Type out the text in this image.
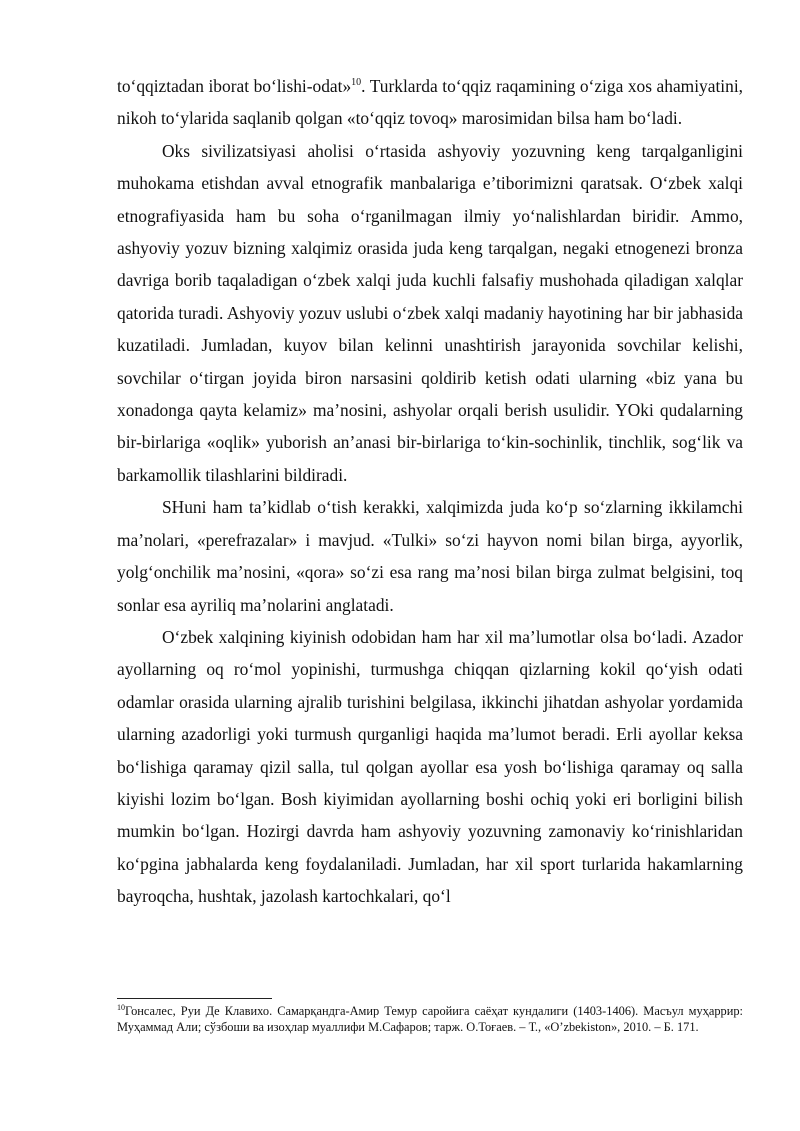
to‘qqiztadan iborat bo‘lishi-odat»$^{10}$. Turklarda to‘qqiz raqamining o‘ziga xos ahamiyatini, nikoh to‘ylarida saqlanib qolgan «to‘qqiz tovoq» marosimidan bilsa ham bo‘ladi.

Oks sivilizatsiyasi aholisi o‘rtasida ashyoviy yozuvning keng tarqalganligini muhokama etishdan avval etnografik manbalariga e’tiborimizni qaratsak. O‘zbek xalqi etnografiyasida ham bu soha o‘rganilmagan ilmiy yo‘nalishlardan biridir. Ammo, ashyoviy yozuv bizning xalqimiz orasida juda keng tarqalgan, negaki etnogenezi bronza davriga borib taqaladigan o‘zbek xalqi juda kuchli falsafiy mushohada qiladigan xalqlar qatorida turadi. Ashyoviy yozuv uslubi o‘zbek xalqi madaniy hayotining har bir jabhasida kuzatiladi. Jumladan, kuyov bilan kelinni unashtirish jarayonida sovchilar kelishi, sovchilar o‘tirgan joyida biron narsasini qoldirib ketish odati ularning «biz yana bu xonadonga qayta kelamiz» ma’nosini, ashyolar orqali berish usulidir. YOki qudalarning bir-birlariga «oqlik» yuborish an’anasi bir-birlariga to‘kin-sochinlik, tinchlik, sog‘lik va barkamollik tilashlarini bildiradi.

SHuni ham ta’kidlab o‘tish kerakki, xalqimizda juda ko‘p so‘zlarning ikkilamchi ma’nolari, «perefrazalar» i mavjud. «Tulki» so‘zi hayvon nomi bilan birga, ayyorlik, yolg‘onchilik ma’nosini, «qora» so‘zi esa rang ma’nosi bilan birga zulmat belgisini, toq sonlar esa ayriliq ma’nolarini anglatadi.

O‘zbek xalqining kiyinish odobidan ham har xil ma’lumotlar olsa bo‘ladi. Azador ayollarning oq ro‘mol yopinishi, turmushga chiqqan qizlarning kokil qo‘yish odati odamlar orasida ularning ajralib turishini belgilasa, ikkinchi jihatdan ashyolar yordamida ularning azadorligi yoki turmush qurganligi haqida ma’lumot beradi. Erli ayollar keksa bo‘lishiga qaramay qizil salla, tul qolgan ayollar esa yosh bo‘lishiga qaramay oq salla kiyishi lozim bo‘lgan. Bosh kiyimidan ayollarning boshi ochiq yoki eri borligini bilish mumkin bo‘lgan. Hozirgi davrda ham ashyoviy yozuvning zamonaviy ko‘rinishlaridan ko‘pgina jabhalarda keng foydalaniladi. Jumladan, har xil sport turlarida hakamlarning bayroqcha, hushtak, jazolash kartochkalari, qo‘l

$^{10}$Гонсалес, Руи Де Клавихо. Самарқандга-Амир Темур саройига саёҳат кундалиги (1403-1406). Масъул муҳаррир: Муҳаммад Али; сўзбоши ва изоҳлар муаллифи М.Сафаров; тарж. О.Тоғаев. – Т., «O’zbekiston», 2010. – Б. 171.
